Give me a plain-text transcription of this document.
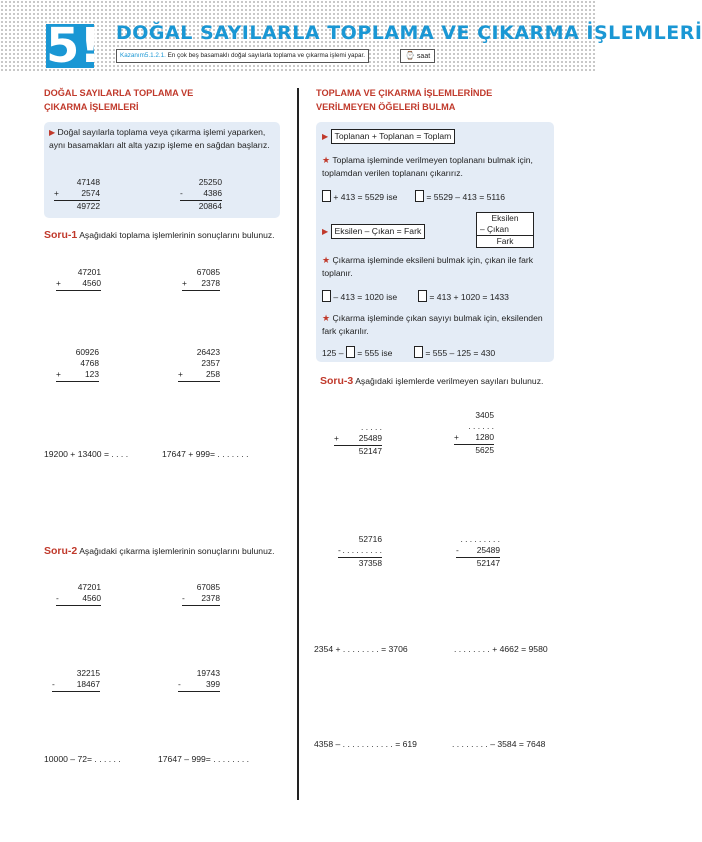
5! DOĞAL SAYILARLA TOPLAMA VE ÇIKARMA İŞLEMLERİ
Kazanım5.1.2.1. En çok beş basamaklı doğal sayılarla toplama ve çıkarma işlemi yapar.	⌚ saat
DOĞAL SAYILARLA TOPLAMA VE
ÇIKARMA İŞLEMLERİ
▶ Doğal sayılarla toplama veya çıkarma işlemi yaparken, aynı basamakları alt alta yazıp işleme en sağdan başlarız.
47148
+	2574
49722
25250
- 4386
20864
Soru-1 Aşağıdaki toplama işlemlerinin sonuçlarını bulunuz.
47201
+	4560
67085
+ 2378
60926
4768
+	123
26423
2357
+	258
19200 + 13400 = . . . .	17647 + 999= . . . . . . .
Soru-2 Aşağıdaki çıkarma işlemlerinin sonuçlarını bulunuz.
47201
-	4560
67085
- 2378
32215
-	18467
19743
-	399
10000 – 72= . . . . . .	17647 – 999= . . . . . . . .
TOPLAMA VE ÇIKARMA İŞLEMLERİNDE
VERİLMEYEN ÖĞELERİ BULMA
▶ Toplanan + Toplanan = Toplam
★ Toplama işleminde verilmeyen toplananı bulmak için, toplamdan verilen toplananı çıkarırız.
+ 413 = 5529 ise	= 5529 – 413 = 5116
▶ Eksilen – Çıkan = Fark
Eksilen
– Çıkan
Fark
★ Çıkarma işleminde eksileni bulmak için, çıkan ile fark toplanır.
– 413 = 1020 ise	= 413 + 1020 = 1433
★ Çıkarma işleminde çıkan sayıyı bulmak için, eksilenden fark çıkarılır.
125 – = 555 ise	= 555 – 125 = 430
Soru-3 Aşağıdaki işlemlerde verilmeyen sayıları bulunuz.
. . . . .
+ 25489
52147
3405
. . . . . .
+ 1280
5625
52716
- . . . . . . . . .
37358
. . . . . . . . .
- 25489
52147
2354 + . . . . . . . . = 3706	. . . . . . . . + 4662 = 9580
4358 – . . . . . . . . . . . = 619	. . . . . . . . – 3584 = 7648
